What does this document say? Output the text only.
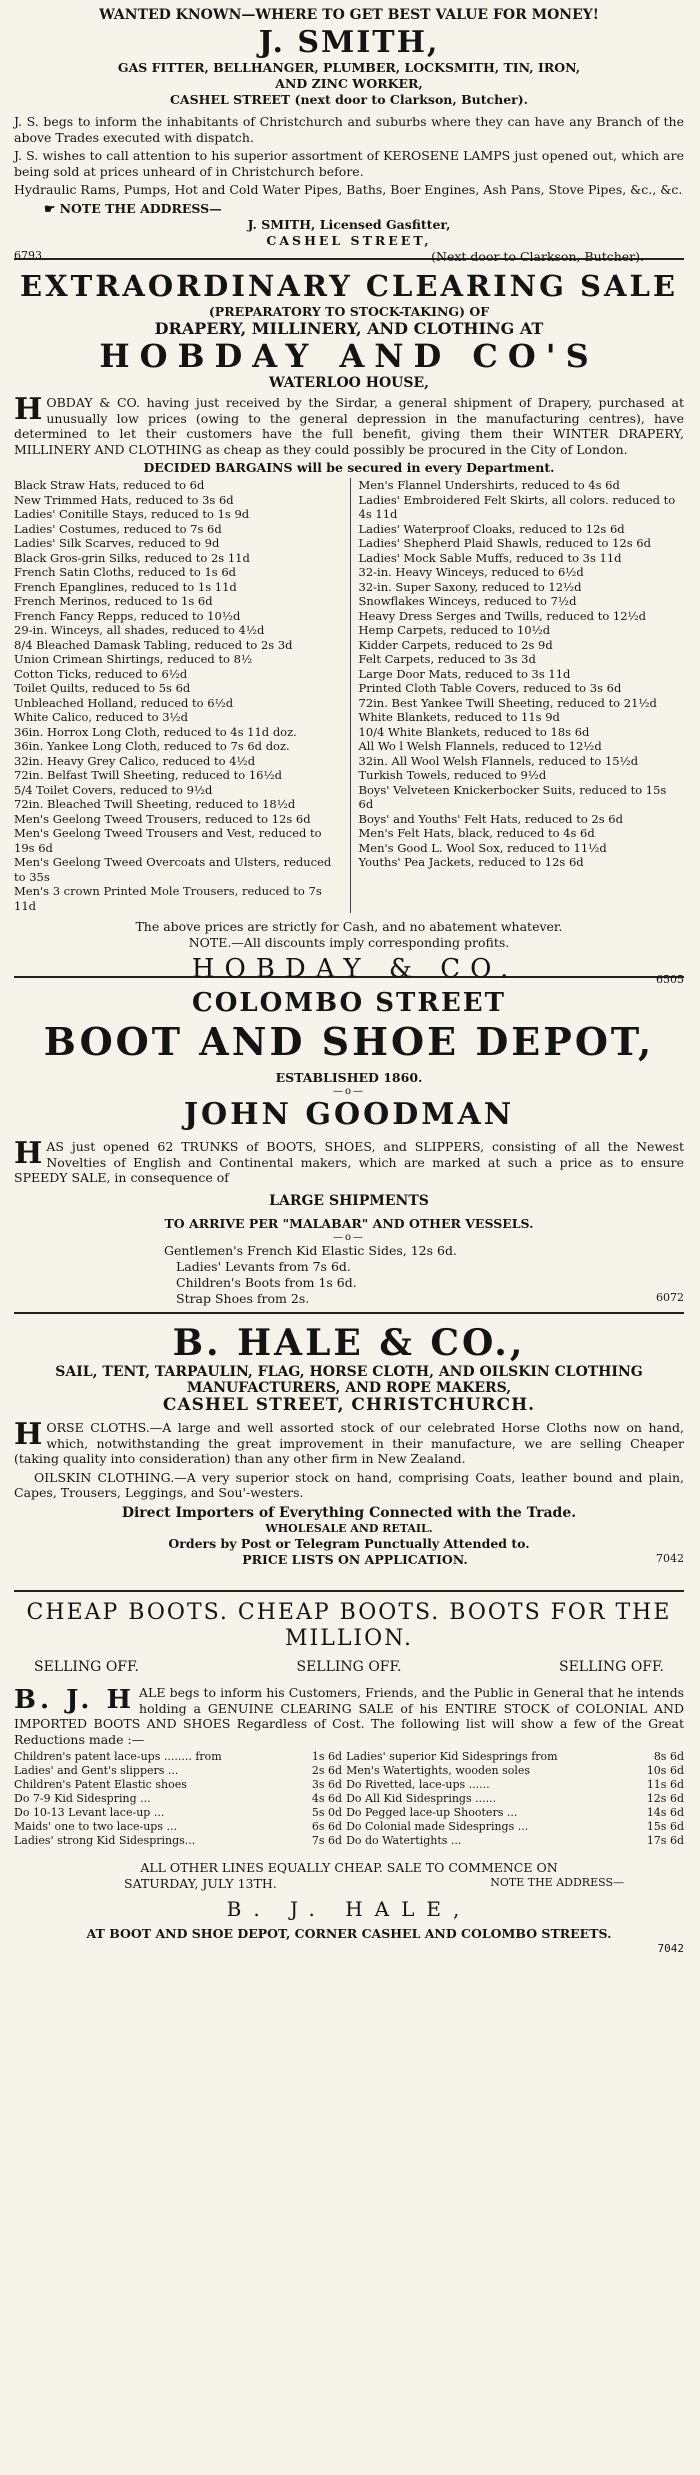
WANTED KNOWN—WHERE TO GET BEST VALUE FOR MONEY!
J. SMITH,
GAS FITTER, BELLHANGER, PLUMBER, LOCKSMITH, TIN, IRON,
AND ZINC WORKER,
CASHEL STREET (next door to Clarkson, Butcher).

J. S. begs to inform the inhabitants of Christchurch and suburbs where they can have any Branch of the above Trades executed with dispatch.

J. S. wishes to call attention to his superior assortment of KEROSENE LAMPS just opened out, which are being sold at prices unheard of in Christchurch before.

Hydraulic Rams, Pumps, Hot and Cold Water Pipes, Baths, Boer Engines, Ash Pans, Stove Pipes, &c., &c.

☛ NOTE THE ADDRESS—
J. SMITH, Licensed Gasfitter,
CASHEL STREET,
6793	(Next door to Clarkson, Butcher).
EXTRAORDINARY CLEARING SALE
(PREPARATORY TO STOCK-TAKING) OF
DRAPERY, MILLINERY, AND CLOTHING AT
HOBDAY AND CO'S
WATERLOO HOUSE,

H OBDAY & CO. having just received by the Sirdar, a general shipment of Drapery, purchased at unusually low prices (owing to the general depression in the manufacturing centres), have determined to let their customers have the full benefit, giving them their WINTER DRAPERY, MILLINERY AND CLOTHING as cheap as they could possibly be procured in the City of London.

DECIDED BARGAINS will be secured in every Department.
Black Straw Hats, reduced to 6d
New Trimmed Hats, reduced to 3s 6d
Ladies' Conitille Stays, reduced to 1s 9d
Ladies' Costumes, reduced to 7s 6d
Ladies' Silk Scarves, reduced to 9d
Black Gros-grin Silks, reduced to 2s 11d
French Satin Cloths, reduced to 1s 6d
French Epanglines, reduced to 1s 11d
French Merinos, reduced to 1s 6d
French Fancy Repps, reduced to 10½d
29-in. Winceys, all shades, reduced to 4½d
8/4 Bleached Damask Tabling, reduced to 2s 3d
Union Crimean Shirtings, reduced to 8½
Cotton Ticks, reduced to 6½d
Toilet Quilts, reduced to 5s 6d
Unbleached Holland, reduced to 6½d
White Calico, reduced to 3½d
36in. Horrox Long Cloth, reduced to 4s 11d doz.
36in. Yankee Long Cloth, reduced to 7s 6d doz.
32in. Heavy Grey Calico, reduced to 4½d
72in. Belfast Twill Sheeting, reduced to 16½d
5/4 Toilet Covers, reduced to 9½d
72in. Bleached Twill Sheeting, reduced to 18½d
Men's Geelong Tweed Trousers, reduced to 12s 6d
Men's Geelong Tweed Trousers and Vest, reduced to 19s 6d
Men's Geelong Tweed Overcoats and Ulsters, reduced to 35s
Men's 3 crown Printed Mole Trousers, reduced to 7s 11d
Men's Flannel Undershirts, reduced to 4s 6d
Ladies' Embroidered Felt Skirts, all colors. reduced to 4s 11d
Ladies' Waterproof Cloaks, reduced to 12s 6d
Ladies' Shepherd Plaid Shawls, reduced to 12s 6d
Ladies' Mock Sable Muffs, reduced to 3s 11d
32-in. Heavy Winceys, reduced to 6½d
32-in. Super Saxony, reduced to 12½d
Snowflakes Winceys, reduced to 7½d
Heavy Dress Serges and Twills, reduced to 12½d
Hemp Carpets, reduced to 10½d
Kidder Carpets, reduced to 2s 9d
Felt Carpets, reduced to 3s 3d
Large Door Mats, reduced to 3s 11d
Printed Cloth Table Covers, reduced to 3s 6d
72in. Best Yankee Twill Sheeting, reduced to 21½d
White Blankets, reduced to 11s 9d
10/4 White Blankets, reduced to 18s 6d
All Wo l Welsh Flannels, reduced to 12½d
32in. All Wool Welsh Flannels, reduced to 15½d
Turkish Towels, reduced to 9½d
Boys' Velveteen Knickerbocker Suits, reduced to 15s 6d
Boys' and Youths' Felt Hats, reduced to 2s 6d
Men's Felt Hats, black, reduced to 4s 6d
Men's Good L. Wool Sox, reduced to 11½d
Youths' Pea Jackets, reduced to 12s 6d
The above prices are strictly for Cash, and no abatement whatever.
NOTE.—All discounts imply corresponding profits.
HOBDAY & CO.	6505
COLOMBO STREET
BOOT AND SHOE DEPOT,
ESTABLISHED 1860.
—o—
JOHN GOODMAN

H AS just opened 62 TRUNKS of BOOTS, SHOES, and SLIPPERS, consisting of all the Newest Novelties of English and Continental makers, which are marked at such a price as to ensure SPEEDY SALE, in consequence of

LARGE SHIPMENTS
TO ARRIVE PER "MALABAR" AND OTHER VESSELS.
—o—
Gentlemen's French Kid Elastic Sides, 12s 6d.
Ladies' Levants from 7s 6d.
Children's Boots from 1s 6d.
Strap Shoes from 2s.	6072
B. HALE & CO.,
SAIL, TENT, TARPAULIN, FLAG, HORSE CLOTH, AND OILSKIN CLOTHING
MANUFACTURERS, AND ROPE MAKERS,
CASHEL STREET, CHRISTCHURCH.

H ORSE CLOTHS.—A large and well assorted stock of our celebrated Horse Cloths now on hand, which, notwithstanding the great improvement in their manufacture, we are selling Cheaper (taking quality into consideration) than any other firm in New Zealand.

OILSKIN CLOTHING.—A very superior stock on hand, comprising Coats, leather bound and plain, Capes, Trousers, Leggings, and Sou'-westers.

Direct Importers of Everything Connected with the Trade.
WHOLESALE AND RETAIL.
Orders by Post or Telegram Punctually Attended to.
PRICE LISTS ON APPLICATION.	7042
CHEAP BOOTS. CHEAP BOOTS. BOOTS FOR THE
MILLION.
SELLING OFF.	SELLING OFF.	SELLING OFF.

B. J. H ALE begs to inform his Customers, Friends, and the Public in General that he intends holding a GENUINE CLEARING SALE of his ENTIRE STOCK of COLONIAL AND IMPORTED BOOTS AND SHOES Regardless of Cost. The following list will show a few of the Great Reductions made :—

Children's patent lace-ups ........ from	1s 6d Ladies' superior Kid Sidesprings from	8s 6d
Ladies' and Gent's slippers ...	2s 6d Men's Watertights, wooden soles	10s 6d
Children's Patent Elastic shoes	3s 6d Do Rivetted, lace-ups ......	11s 6d
Do 7-9 Kid Sidespring ...	4s 6d Do All Kid Sidesprings ......	12s 6d
Do 10-13 Levant lace-up ...	5s 0d Do Pegged lace-up Shooters ...	14s 6d
Maids' one to two lace-ups ...	6s 6d Do Colonial made Sidesprings ...	15s 6d
Ladies' strong Kid Sidesprings...	7s 6d Do do Watertights ...	17s 6d
ALL OTHER LINES EQUALLY CHEAP. SALE TO COMMENCE ON
SATURDAY, JULY 13TH.	NOTE THE ADDRESS—
B. J. HALE,
AT BOOT AND SHOE DEPOT, CORNER CASHEL AND COLOMBO STREETS.
7042
